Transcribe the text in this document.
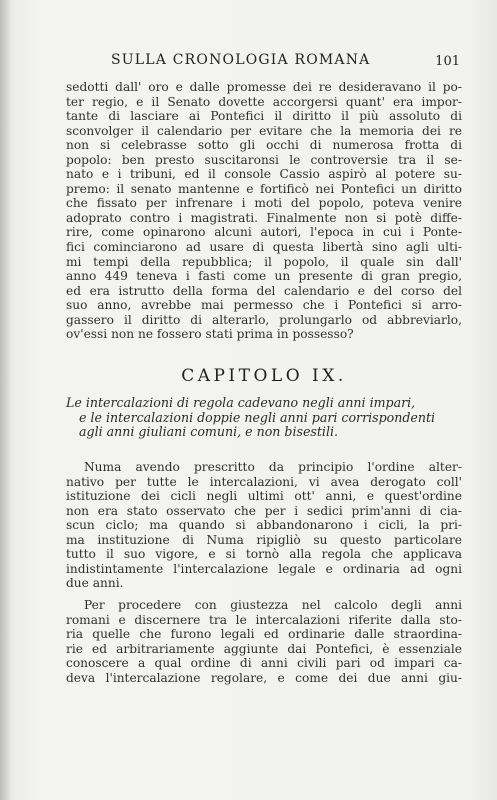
SULLA CRONOLOGIA ROMANA	101
sedotti dall' oro e dalle promesse dei re desideravano il po-
ter regio, e il Senato dovette accorgersi quant' era impor-
tante di lasciare ai Pontefici il diritto il più assoluto di
sconvolger il calendario per evitare che la memoria dei re
non si celebrasse sotto gli occhi di numerosa frotta di
popolo: ben presto suscitaronsi le controversie tra il se-
nato e i tribuni, ed il console Cassio aspirò al potere su-
premo: il senato mantenne e fortificò nei Pontefici un diritto
che fissato per infrenare i moti del popolo, poteva venire
adoprato contro i magistrati. Finalmente non si potè diffe-
rire, come opinarono alcuni autori, l'epoca in cui i Ponte-
fici cominciarono ad usare di questa libertà sino agli ulti-
mi tempi della repubblica; il popolo, il quale sin dall'
anno 449 teneva i fasti come un presente di gran pregio,
ed era istrutto della forma del calendario e del corso del
suo anno, avrebbe mai permesso che i Pontefici si arro-
gassero il diritto di alterarlo, prolungarlo od abbreviarlo,
ov'essi non ne fossero stati prima in possesso?
CAPITOLO IX.
Le intercalazioni di regola cadevano negli anni impari,
e le intercalazioni doppie negli anni pari corrispondenti
agli anni giuliani comuni, e non bisestili.
Numa avendo prescritto da principio l'ordine alter-
nativo per tutte le intercalazioni, vi avea derogato coll'
istituzione dei cicli negli ultimi ott' anni, e quest'ordine
non era stato osservato che per i sedici prim'anni di cia-
scun ciclo; ma quando si abbandonarono i cicli, la pri-
ma instituzione di Numa ripigliò su questo particolare
tutto il suo vigore, e si tornò alla regola che applicava
indistintamente l'intercalazione legale e ordinaria ad ogni
due anni.
Per procedere con giustezza nel calcolo degli anni
romani e discernere tra le intercalazioni riferite dalla sto-
ria quelle che furono legali ed ordinarie dalle straordina-
rie ed arbitrariamente aggiunte dai Pontefici, è essenziale
conoscere a qual ordine di anni civili pari od impari ca-
deva l'intercalazione regolare, e come dei due anni giu-
